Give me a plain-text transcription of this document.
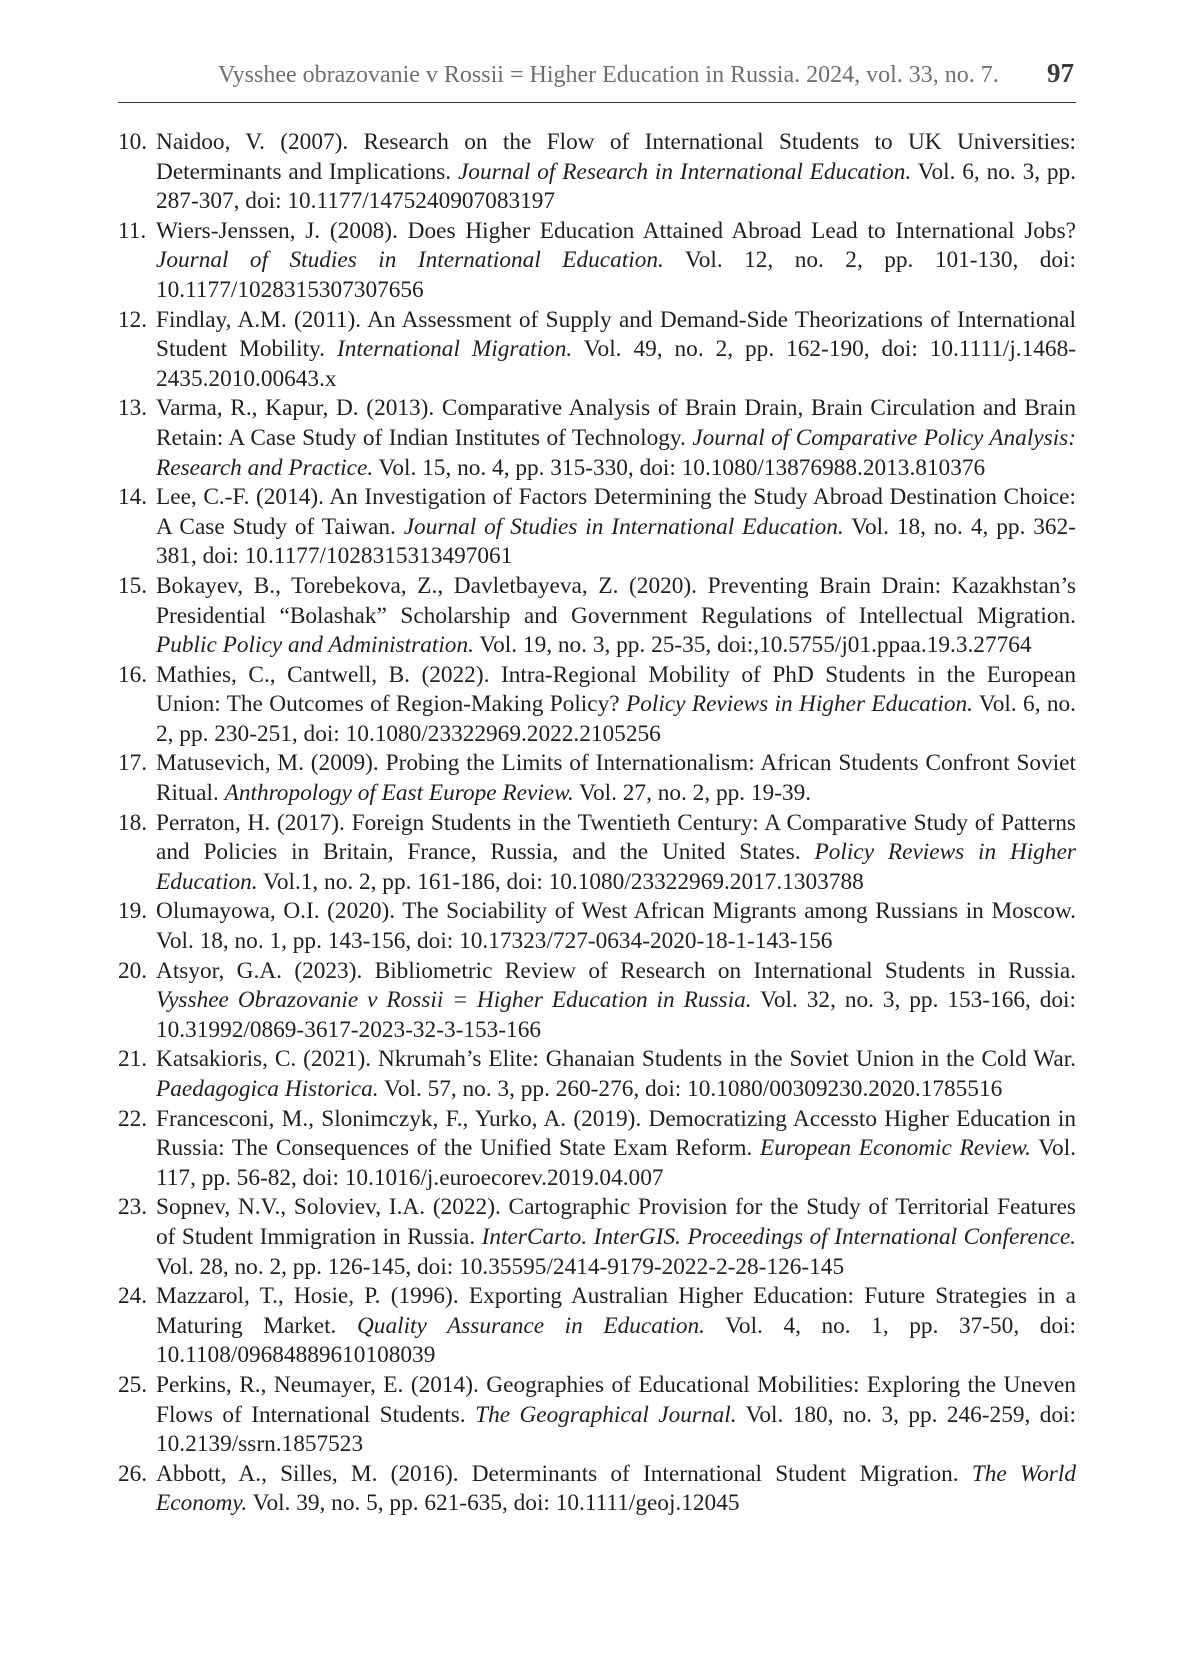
Vysshee obrazovanie v Rossii = Higher Education in Russia. 2024, vol. 33, no. 7. 97
10. Naidoo, V. (2007). Research on the Flow of International Students to UK Universities: Determinants and Implications. Journal of Research in International Education. Vol. 6, no. 3, pp. 287-307, doi: 10.1177/1475240907083197
11. Wiers-Jenssen, J. (2008). Does Higher Education Attained Abroad Lead to International Jobs? Journal of Studies in International Education. Vol. 12, no. 2, pp. 101-130, doi: 10.1177/1028315307307656
12. Findlay, A.M. (2011). An Assessment of Supply and Demand-Side Theorizations of International Student Mobility. International Migration. Vol. 49, no. 2, pp. 162-190, doi: 10.1111/j.1468-2435.2010.00643.x
13. Varma, R., Kapur, D. (2013). Comparative Analysis of Brain Drain, Brain Circulation and Brain Retain: A Case Study of Indian Institutes of Technology. Journal of Comparative Policy Analysis: Research and Practice. Vol. 15, no. 4, pp. 315-330, doi: 10.1080/13876988.2013.810376
14. Lee, C.-F. (2014). An Investigation of Factors Determining the Study Abroad Destination Choice: A Case Study of Taiwan. Journal of Studies in International Education. Vol. 18, no. 4, pp. 362-381, doi: 10.1177/1028315313497061
15. Bokayev, B., Torebekova, Z., Davletbayeva, Z. (2020). Preventing Brain Drain: Kazakhstan’s Presidential “Bolashak” Scholarship and Government Regulations of Intellectual Migration. Public Policy and Administration. Vol. 19, no. 3, pp. 25-35, doi:,10.5755/j01.ppaa.19.3.27764
16. Mathies, C., Cantwell, B. (2022). Intra-Regional Mobility of PhD Students in the European Union: The Outcomes of Region-Making Policy? Policy Reviews in Higher Education. Vol. 6, no. 2, pp. 230-251, doi: 10.1080/23322969.2022.2105256
17. Matusevich, M. (2009). Probing the Limits of Internationalism: African Students Confront Soviet Ritual. Anthropology of East Europe Review. Vol. 27, no. 2, pp. 19-39.
18. Perraton, H. (2017). Foreign Students in the Twentieth Century: A Comparative Study of Patterns and Policies in Britain, France, Russia, and the United States. Policy Reviews in Higher Education. Vol.1, no. 2, pp. 161-186, doi: 10.1080/23322969.2017.1303788
19. Olumayowa, O.I. (2020). The Sociability of West African Migrants among Russians in Moscow. Vol. 18, no. 1, pp. 143-156, doi: 10.17323/727-0634-2020-18-1-143-156
20. Atsyor, G.A. (2023). Bibliometric Review of Research on International Students in Russia. Vysshee Obrazovanie v Rossii = Higher Education in Russia. Vol. 32, no. 3, pp. 153-166, doi: 10.31992/0869-3617-2023-32-3-153-166
21. Katsakioris, C. (2021). Nkrumah’s Elite: Ghanaian Students in the Soviet Union in the Cold War. Paedagogica Historica. Vol. 57, no. 3, pp. 260-276, doi: 10.1080/00309230.2020.1785516
22. Francesconi, M., Slonimczyk, F., Yurko, A. (2019). Democratizing Accessto Higher Education in Russia: The Consequences of the Unified State Exam Reform. European Economic Review. Vol. 117, pp. 56-82, doi: 10.1016/j.euroecorev.2019.04.007
23. Sopnev, N.V., Soloviev, I.A. (2022). Cartographic Provision for the Study of Territorial Features of Student Immigration in Russia. InterCarto. InterGIS. Proceedings of International Conference. Vol. 28, no. 2, pp. 126-145, doi: 10.35595/2414-9179-2022-2-28-126-145
24. Mazzarol, T., Hosie, P. (1996). Exporting Australian Higher Education: Future Strategies in a Maturing Market. Quality Assurance in Education. Vol. 4, no. 1, pp. 37-50, doi: 10.1108/09684889610108039
25. Perkins, R., Neumayer, E. (2014). Geographies of Educational Mobilities: Exploring the Uneven Flows of International Students. The Geographical Journal. Vol. 180, no. 3, pp. 246-259, doi: 10.2139/ssrn.1857523
26. Abbott, A., Silles, M. (2016). Determinants of International Student Migration. The World Economy. Vol. 39, no. 5, pp. 621-635, doi: 10.1111/geoj.12045
